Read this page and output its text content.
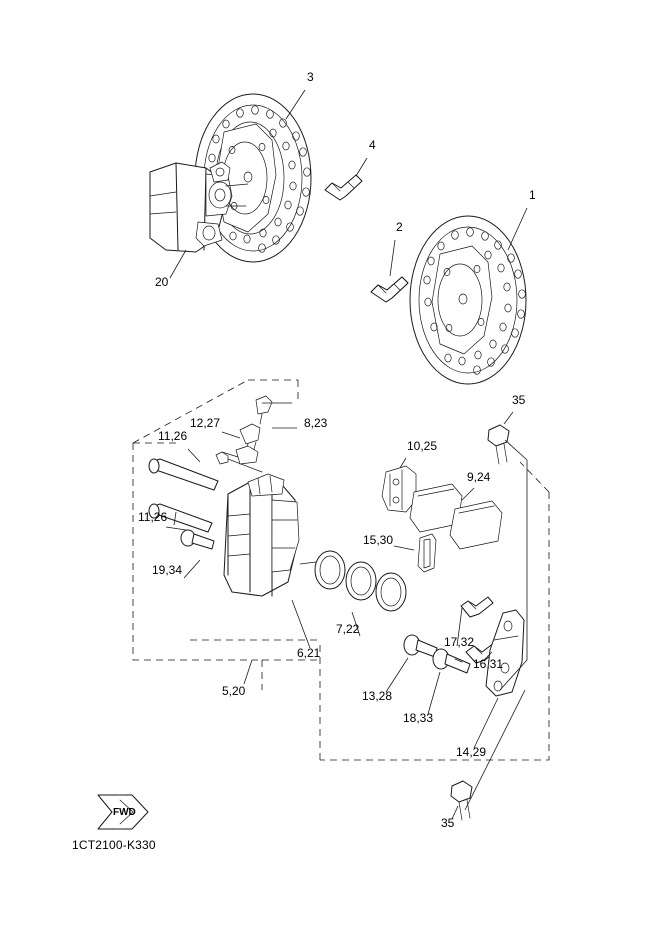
3
4
1
2
20
12,27	8,23
35
11,26
10,25
9,24
11,26
15,30
19,34
7,22
17,32
6,21
16,31
5,20	13,28
18,33
14,29
35
FWD
1CT2100-K330
